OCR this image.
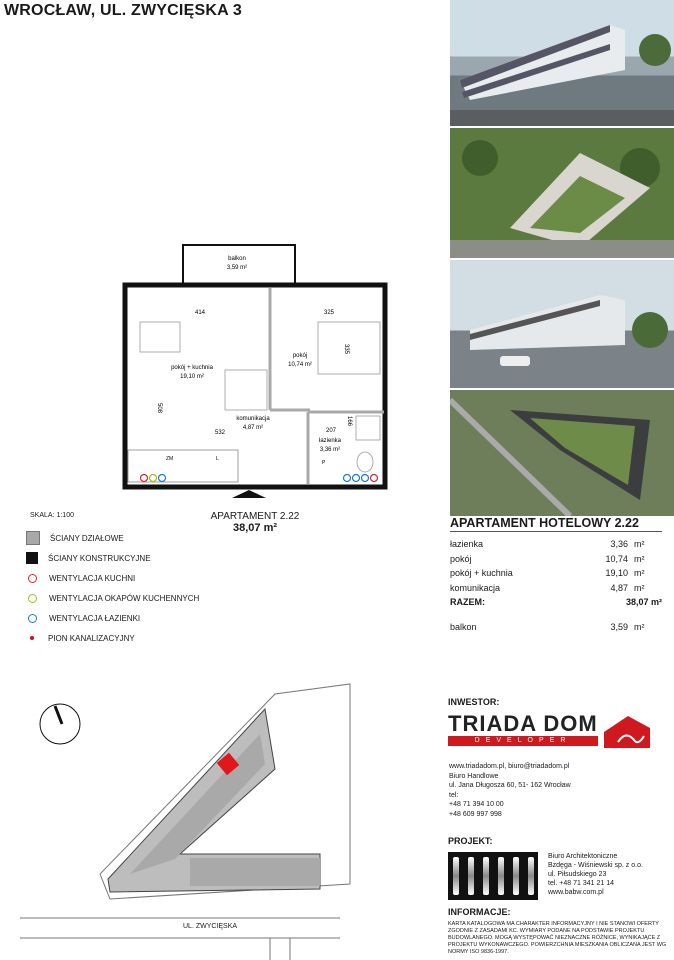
WROCŁAW, UL. ZWYCIĘSKA 3
balkon
3,59 m²
pokój + kuchnia
19,10 m²
pokój
10,74 m²
komunikacja
4,87 m²
łazienka
3,36 m²
414	325
335
508
532	207
166
ZM	L
P
APARTAMENT 2.22
38,07 m²
SKALA: 1:100
ŚCIANY DZIAŁOWE
ŚCIANY KONSTRUKCYJNE
WENTYLACJA KUCHNI
WENTYLACJA OKAPÓW KUCHENNYCH
WENTYLACJA ŁAZIENKI
PION KANALIZACYJNY
APARTAMENT HOTELOWY 2.22
łazienka	3,36 m²
pokój	10,74 m²
pokój + kuchnia	19,10 m²
komunikacja	4,87 m²
RAZEM:	38,07 m²
balkon	3,59 m²
UL. ZWYCIĘSKA
INWESTOR:
TRIADA DOM
DEVELOPER
www.triadadom.pl, biuro@triadadom.pl
Biuro Handlowe
ul. Jana Długosza 60, 51- 162 Wrocław
tel:
+48 71 394 10 00
+48 609 997 998
PROJEKT:
Biuro Architektoniczne
Bzdęga - Wiśniewski sp. z o.o.
ul. Piłsudskiego 23
tel. +48 71 341 21 14
www.babw.com.pl
INFORMACJE:
KARTA KATALOGOWA MA CHARAKTER INFORMACYJNY I NIE STANOWI OFERTY ZGODNIE Z ZASADAMI KC. WYMIARY PODANE NA PODSTAWIE PROJEKTU BUDOWLANEGO. MOGĄ WYSTĘPOWAĆ NIEZNACZNE RÓŻNICE, WYNIKAJĄCE Z PROJEKTU WYKONAWCZEGO. POWIERZCHNIA MIESZKANIA OBLICZANA JEST WG NORMY ISO 9836-1997.
